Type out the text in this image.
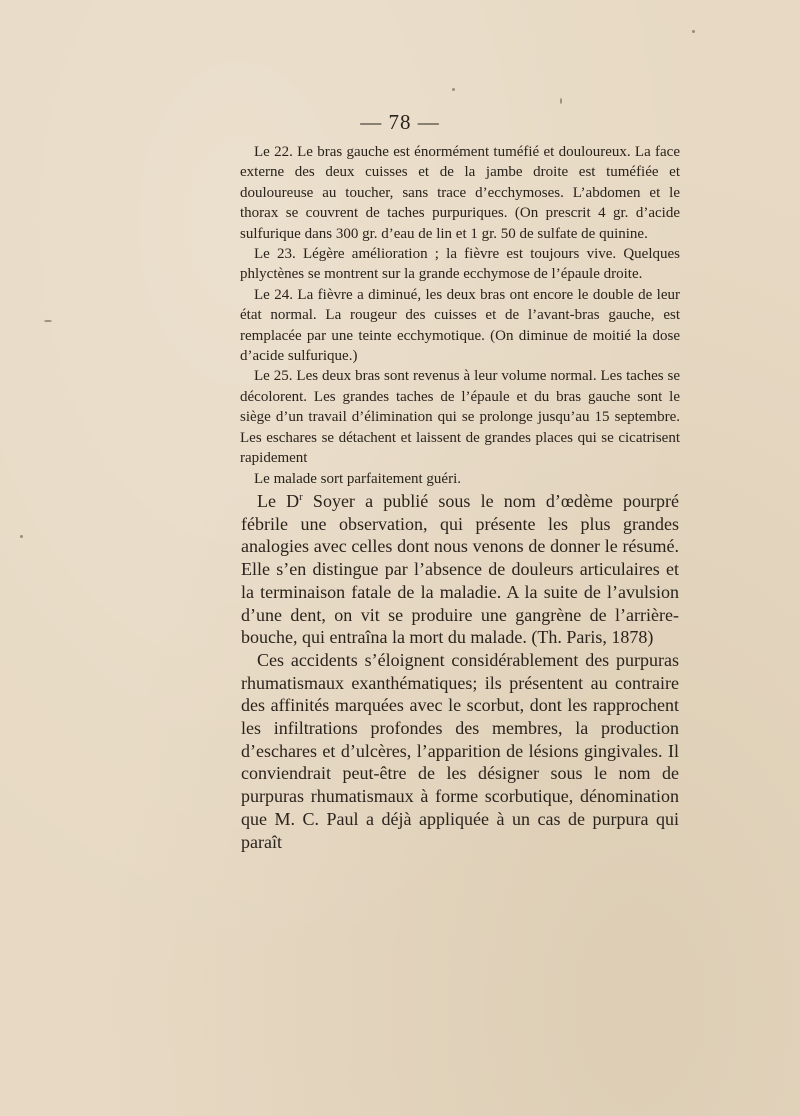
— 78 —

Le 22. Le bras gauche est énormément tuméfié et douloureux. La face externe des deux cuisses et de la jambe droite est tuméfiée et douloureuse au toucher, sans trace d’ecchymoses. L’abdomen et le thorax se couvrent de taches purpuriques. (On prescrit 4 gr. d’acide sulfurique dans 300 gr. d’eau de lin et 1 gr. 50 de sulfate de quinine.

Le 23. Légère amélioration ; la fièvre est toujours vive. Quelques phlyctènes se montrent sur la grande ecchymose de l’épaule droite.

Le 24. La fièvre a diminué, les deux bras ont encore le double de leur état normal. La rougeur des cuisses et de l’avant-bras gauche, est remplacée par une teinte ecchymotique. (On diminue de moitié la dose d’acide sulfurique.)

Le 25. Les deux bras sont revenus à leur volume normal. Les taches se décolorent. Les grandes taches de l’épaule et du bras gauche sont le siège d’un travail d’élimination qui se prolonge jusqu’au 15 septembre. Les eschares se détachent et laissent de grandes places qui se cicatrisent rapidement

Le malade sort parfaitement guéri.

Le $D^r$ Soyer a publié sous le nom d’œdème pourpré fébrile une observation, qui présente les plus grandes analogies avec celles dont nous venons de donner le résumé. Elle s’en distingue par l’absence de douleurs articulaires et la terminaison fatale de la maladie. A la suite de l’avulsion d’une dent, on vit se produire une gangrène de l’arrière-bouche, qui entraîna la mort du malade. (Th. Paris, 1878)

Ces accidents s’éloignent considérablement des purpuras rhumatismaux exanthématiques; ils présentent au contraire des affinités marquées avec le scorbut, dont les rapprochent les infiltrations profondes des membres, la production d’eschares et d’ulcères, l’apparition de lésions gingivales. Il conviendrait peut-être de les désigner sous le nom de purpuras rhumatismaux à forme scorbutique, dénomination que M. C. Paul a déjà appliquée à un cas de purpura qui paraît
